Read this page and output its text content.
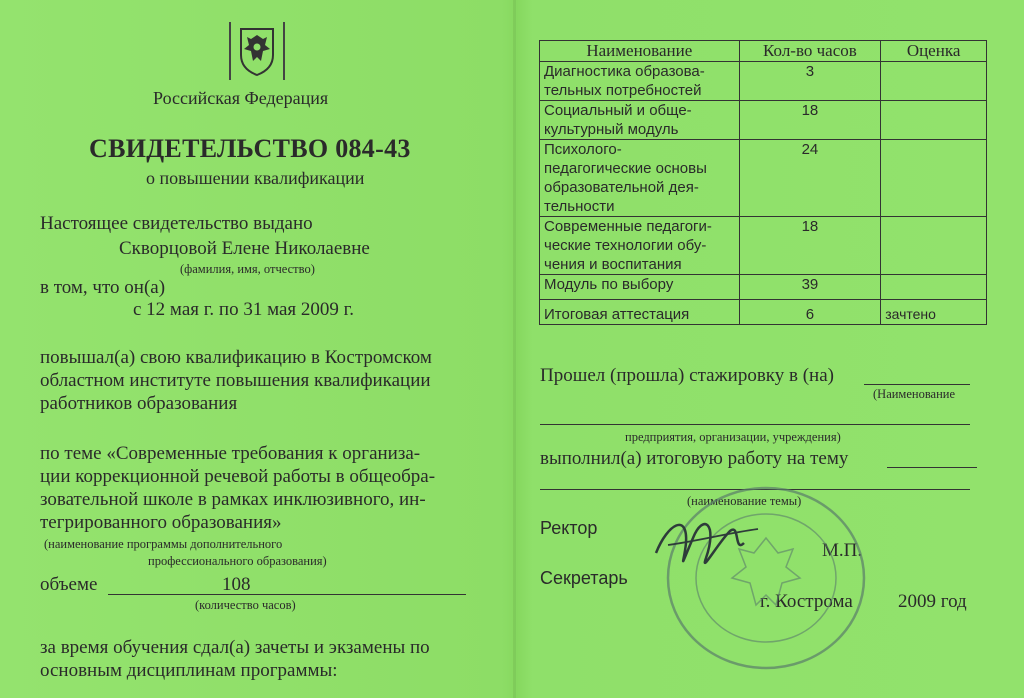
Российская Федерация
СВИДЕТЕЛЬСТВО 084-43
о повышении квалификации
Настоящее свидетельство выдано
Скворцовой Елене Николаевне
(фамилия, имя, отчество)
в том, что он(а)
с 12 мая г. по 31 мая 2009 г.
повышал(а) свою квалификацию в Костромском
областном институте повышения квалификации
работников образования
по теме «Современные требования к организа-
ции коррекционной речевой работы в общеобра-
зовательной школе в рамках инклюзивного, ин-
тегрированного образования»
(наименование программы дополнительного
профессионального образования)
объеме	108
(количество часов)
за время обучения сдал(а) зачеты и экзамены по
основным дисциплинам программы:
Наименование	Кол-во часов	Оценка
Диагностика образова-
тельных потребностей	3	
Социальный и обще-
культурный модуль	18	
Психолого-
педагогические основы
образовательной дея-
тельности	24	
Современные педагоги-
ческие технологии обу-
чения и воспитания	18	
Модуль по выбору	39	
Итоговая аттестация	6	зачтено
Прошел (прошла) стажировку в (на)
(Наименование
предприятия, организации, учреждения)
выполнил(а) итоговую работу на тему
(наименование темы)
Ректор
М.П.
Секретарь
г. Кострома 2009 год
